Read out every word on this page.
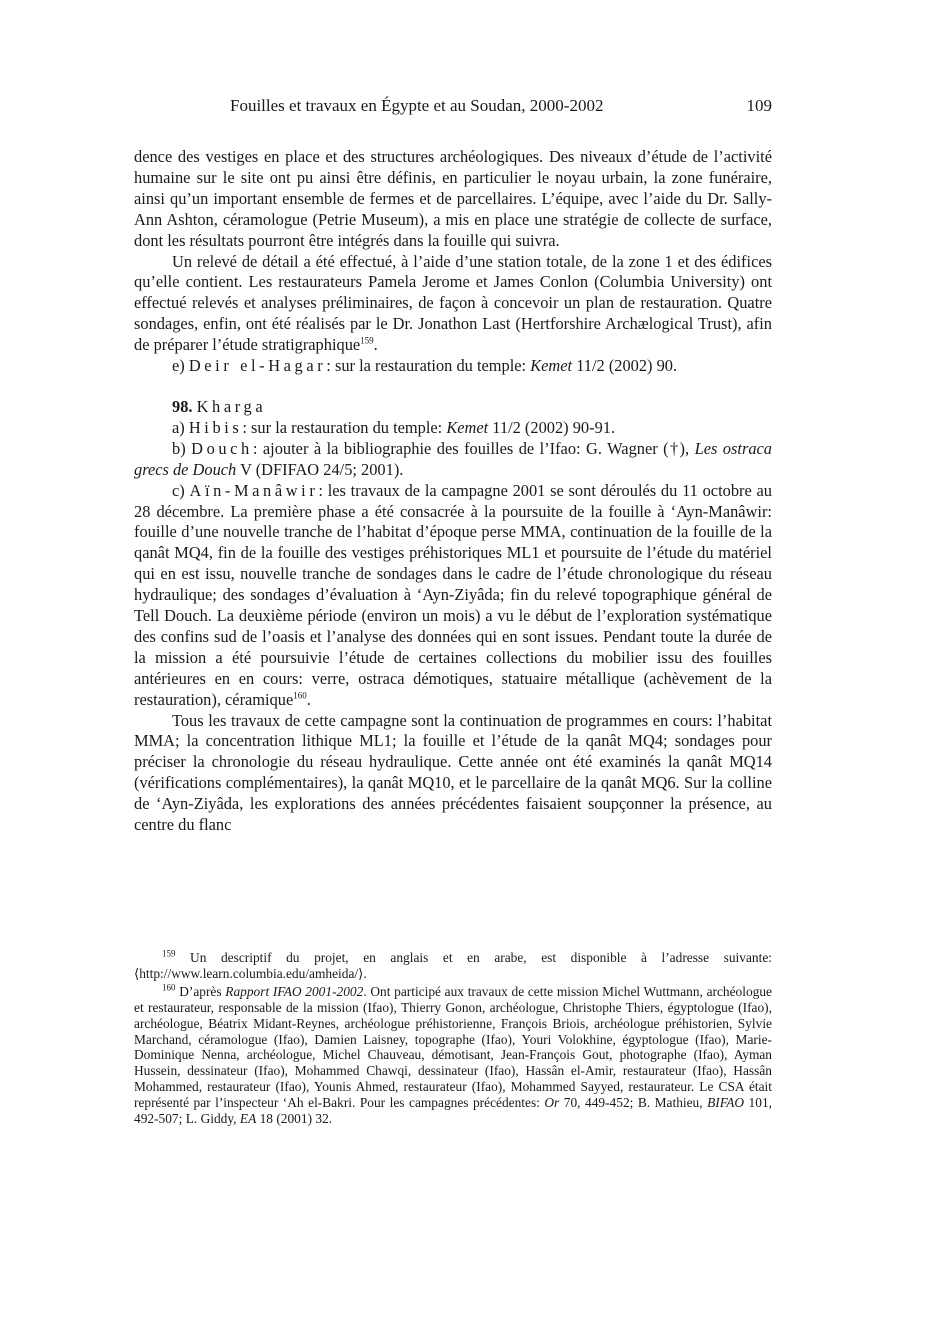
Fouilles et travaux en Égypte et au Soudan, 2000-2002	109

dence des vestiges en place et des structures archéologiques. Des niveaux d’étude de l’activité humaine sur le site ont pu ainsi être définis, en particulier le noyau urbain, la zone funéraire, ainsi qu’un important ensemble de fermes et de parcellaires. L’équipe, avec l’aide du Dr. Sally-Ann Ashton, céramologue (Petrie Museum), a mis en place une stratégie de collecte de surface, dont les résultats pourront être intégrés dans la fouille qui suivra.

Un relevé de détail a été effectué, à l’aide d’une station totale, de la zone 1 et des édifices qu’elle contient. Les restaurateurs Pamela Jerome et James Conlon (Columbia University) ont effectué relevés et analyses préliminaires, de façon à concevoir un plan de restauration. Quatre sondages, enfin, ont été réalisés par le Dr. Jonathon Last (Hertforshire Archælogical Trust), afin de préparer l’étude stratigraphique$^{159}$.

e) Deir el-Hagar: sur la restauration du temple: Kemet 11/2 (2002) 90.

98. Kharga

a) Hibis: sur la restauration du temple: Kemet 11/2 (2002) 90-91.

b) Douch: ajouter à la bibliographie des fouilles de l’Ifao: G. Wagner (†), Les ostraca grecs de Douch V (DFIFAO 24/5; 2001).

c) Aïn-Manâwir: les travaux de la campagne 2001 se sont déroulés du 11 octobre au 28 décembre. La première phase a été consacrée à la poursuite de la fouille à ‘Ayn-Manâwir: fouille d’une nouvelle tranche de l’habitat d’époque perse MMA, continuation de la fouille de la qanât MQ4, fin de la fouille des vestiges préhistoriques ML1 et poursuite de l’étude du matériel qui en est issu, nouvelle tranche de sondages dans le cadre de l’étude chronologique du réseau hydraulique; des sondages d’évaluation à ‘Ayn-Ziyâda; fin du relevé topographique général de Tell Douch. La deuxième période (environ un mois) a vu le début de l’exploration systématique des confins sud de l’oasis et l’analyse des données qui en sont issues. Pendant toute la durée de la mission a été poursuivie l’étude de certaines collections du mobilier issu des fouilles antérieures en en cours: verre, ostraca démotiques, statuaire métallique (achèvement de la restauration), céramique$^{160}$.

Tous les travaux de cette campagne sont la continuation de programmes en cours: l’habitat MMA; la concentration lithique ML1; la fouille et l’étude de la qanât MQ4; sondages pour préciser la chronologie du réseau hydraulique. Cette année ont été examinés la qanât MQ14 (vérifications complémentaires), la qanât MQ10, et le parcellaire de la qanât MQ6. Sur la colline de ‘Ayn-Ziyâda, les explorations des années précédentes faisaient soupçonner la présence, au centre du flanc

$^{159}$ Un descriptif du projet, en anglais et en arabe, est disponible à l’adresse suivante: ⟨http://www.learn.columbia.edu/amheida/⟩.

$^{160}$ D’après Rapport IFAO 2001-2002. Ont participé aux travaux de cette mission Michel Wuttmann, archéologue et restaurateur, responsable de la mission (Ifao), Thierry Gonon, archéologue, Christophe Thiers, égyptologue (Ifao), archéologue, Béatrix Midant-Reynes, archéologue préhistorienne, François Briois, archéologue préhistorien, Sylvie Marchand, céramologue (Ifao), Damien Laisney, topographe (Ifao), Youri Volokhine, égyptologue (Ifao), Marie-Dominique Nenna, archéologue, Michel Chauveau, démotisant, Jean-François Gout, photographe (Ifao), Ayman Hussein, dessinateur (Ifao), Mohammed Chawqi, dessinateur (Ifao), Hassân el-Amir, restaurateur (Ifao), Hassân Mohammed, restaurateur (Ifao), Younis Ahmed, restaurateur (Ifao), Mohammed Sayyed, restaurateur. Le CSA était représenté par l’inspecteur ‘Ah el-Bakri. Pour les campagnes précédentes: Or 70, 449-452; B. Mathieu, BIFAO 101, 492-507; L. Giddy, EA 18 (2001) 32.
